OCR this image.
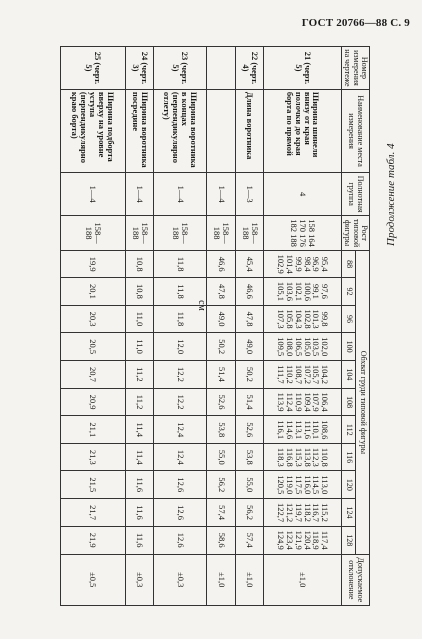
ГОСТ 20766—88 С. 9
Продолжение табл. 4
см
Номер измерения на чертеже	Наименование места измерения	Полнотная группа	Рост типовой фигуры	Обхват груди типовой фигуры											Допускаемое отклонение
				88	92	96	100	104	108	112	116	120	124	128	
21 (черт. 5)	Ширина шинели внизу от края полочки до края борта по прямой	4	158 164 170 176 182 188	95,4 96,9 98,4 99,9 101,4 102,9	97,6 99,1 100,6 102,1 103,6 105,1	99,8 101,3 102,8 104,3 105,8 107,3	102,0 103,5 105,0 106,5 108,0 109,5	104,2 105,7 107,2 108,7 110,2 111,7	106,4 107,9 109,4 110,9 112,4 113,9	108,6 110,1 111,6 113,1 114,6 116,1	110,8 112,3 113,8 115,3 116,8 118,3	113,0 114,5 116,0 117,5 119,0 120,5	115,2 116,7 118,2 119,7 121,2 122,7	117,4 118,9 120,4 121,9 123,4 124,9	±1,0
22 (черт. 4)	Длина воротника	1—3	158—188	45,4	46,6	47,8	49,0	50,2	51,4	52,6	53,8	55,0	56,2	57,4	±1,0
		1—4	158—188	46,6	47,8	49,0	50,2	51,4	52,6	53,8	55,0	56,2	57,4	58,6	±1,0
23 (черт. 5)	Ширина воротника в концах (перпендикулярно отлету)	1—4	158—188	11,8	11,8	11,8	12,0	12,2	12,2	12,4	12,4	12,6	12,6	12,6	±0,3
24 (черт. 3)	Ширина воротника посредине	1—4	158—188	10,8	10,8	11,0	11,0	11,2	11,2	11,4	11,4	11,6	11,6	11,6	±0,3
25 (черт. 5)	Ширина подборта вверху на уровне уступа (перпендикулярно краю борта)	1—4	158—188	19,9	20,1	20,3	20,5	20,7	20,9	21,1	21,3	21,5	21,7	21,9	±0,5
